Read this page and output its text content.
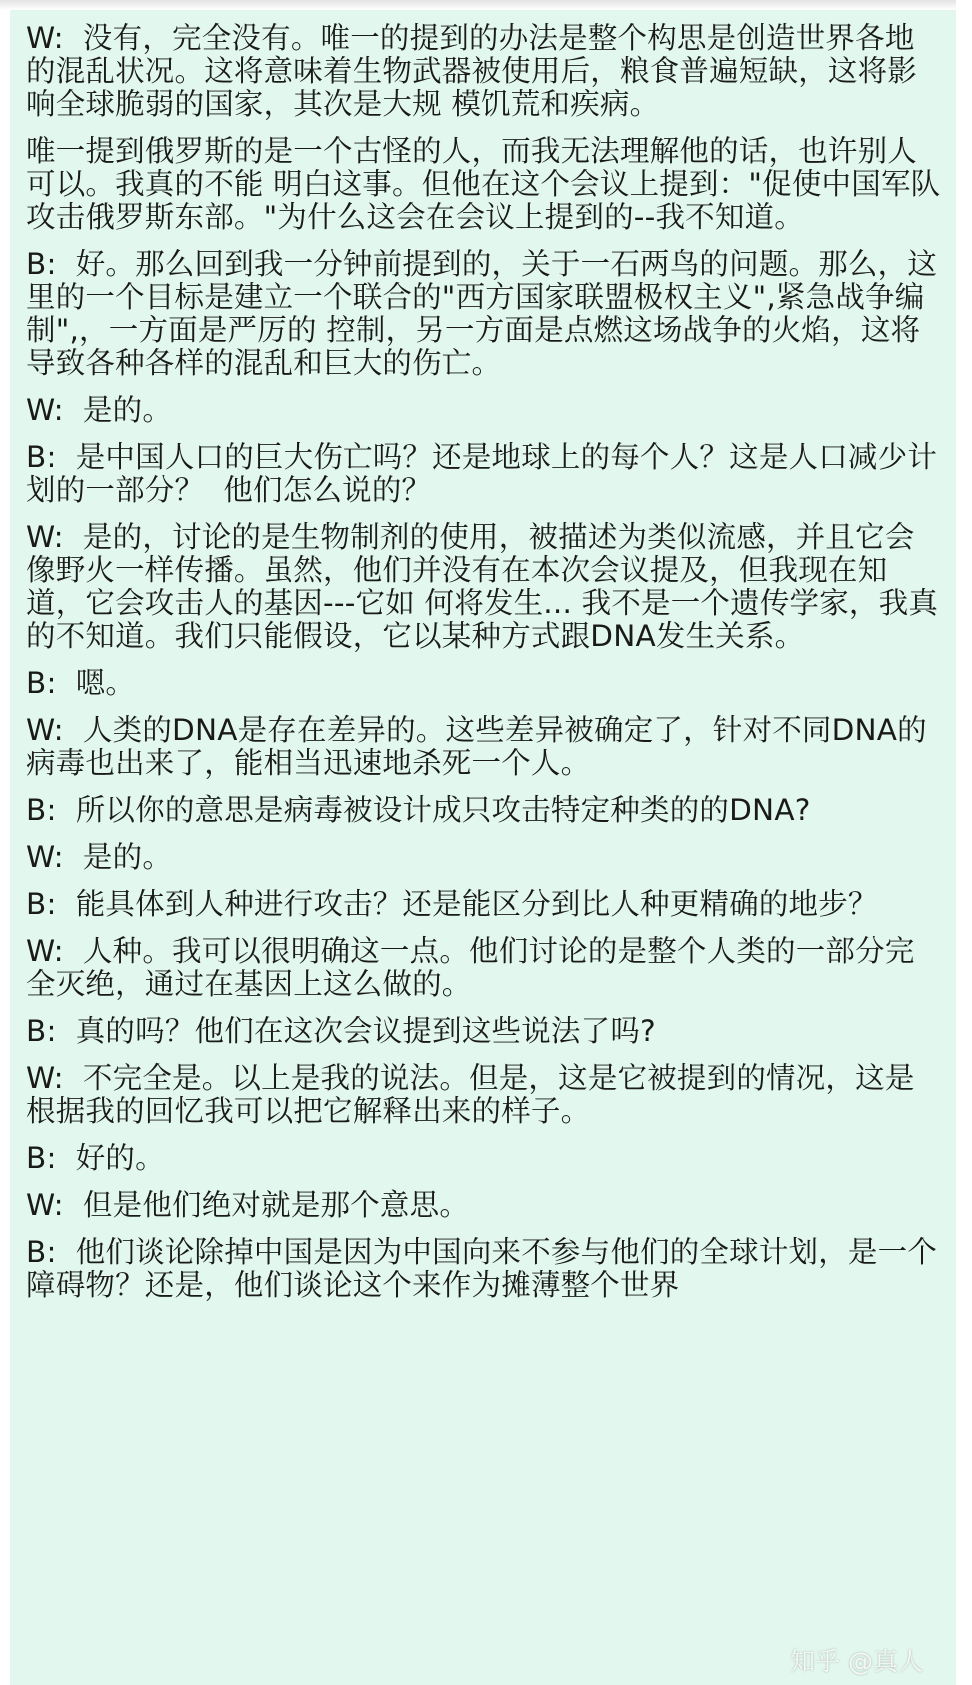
W:  没有，完全没有。唯一的提到的办法是整个构思是创造世界各地的混乱状况。这将意味着生物武器被使用后，粮食普遍短缺，这将影响全球脆弱的国家，其次是大规 模饥荒和疾病。

唯一提到俄罗斯的是一个古怪的人，而我无法理解他的话，也许别人可以。我真的不能 明白这事。但他在这个会议上提到："促使中国军队攻击俄罗斯东部。"为什么这会在会议上提到的--我不知道。

B:  好。那么回到我一分钟前提到的，关于一石两鸟的问题。那么，这里的一个目标是建立一个联合的"西方国家联盟极权主义",紧急战争编制",，一方面是严厉的 控制，另一方面是点燃这场战争的火焰，这将导致各种各样的混乱和巨大的伤亡。

W:  是的。

B:  是中国人口的巨大伤亡吗？还是地球上的每个人？这是人口减少计划的一部分？  他们怎么说的？

W:  是的，讨论的是生物制剂的使用，被描述为类似流感，并且它会像野火一样传播。虽然，他们并没有在本次会议提及，但我现在知道，它会攻击人的基因---它如 何将发生... 我不是一个遗传学家，我真的不知道。我们只能假设，它以某种方式跟DNA发生关系。

B:  嗯。

W:  人类的DNA是存在差异的。这些差异被确定了，针对不同DNA的病毒也出来了，能相当迅速地杀死一个人。

B:  所以你的意思是病毒被设计成只攻击特定种类的的DNA?

W:  是的。

B:  能具体到人种进行攻击？还是能区分到比人种更精确的地步？

W:  人种。我可以很明确这一点。他们讨论的是整个人类的一部分完全灭绝，通过在基因上这么做的。

B:  真的吗？他们在这次会议提到这些说法了吗?

W:  不完全是。以上是我的说法。但是，这是它被提到的情况，这是根据我的回忆我可以把它解释出来的样子。

B:  好的。

W:  但是他们绝对就是那个意思。

B:  他们谈论除掉中国是因为中国向来不参与他们的全球计划，是一个障碍物？还是，他们谈论这个来作为摊薄整个世界

知乎 @真人
